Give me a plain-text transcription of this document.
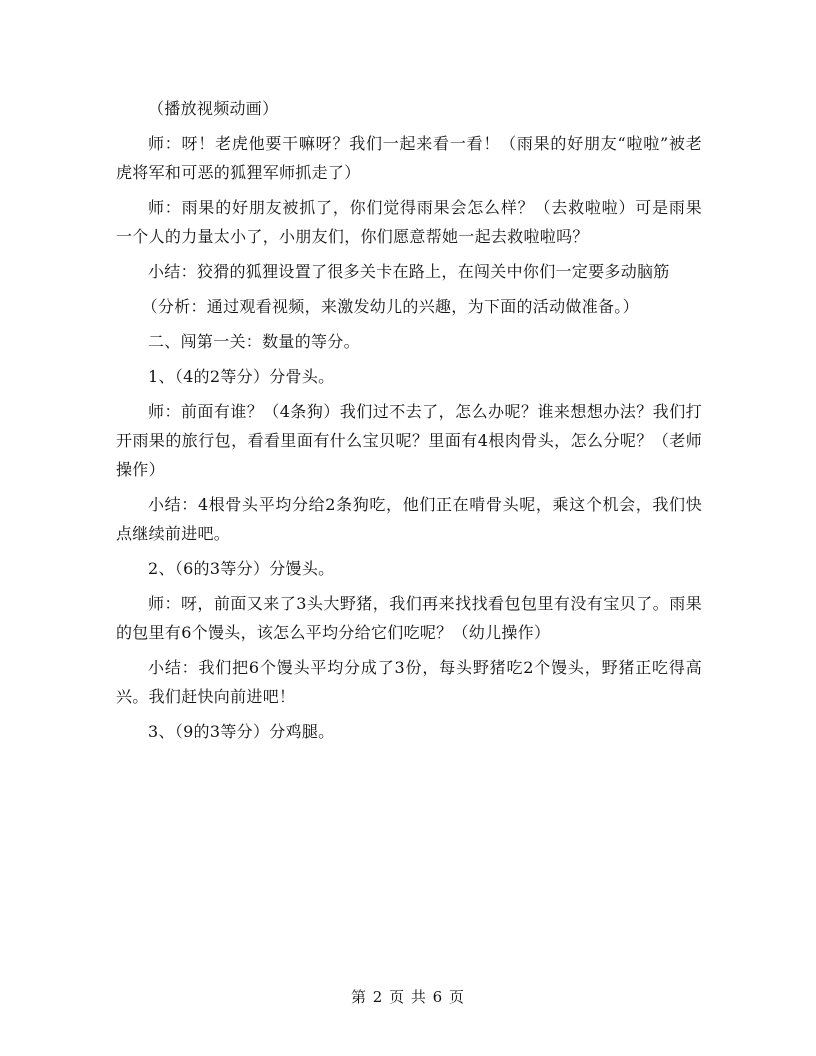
（播放视频动画）

师：呀！老虎他要干嘛呀？我们一起来看一看！（雨果的好朋友“啦啦”被老虎将军和可恶的狐狸军师抓走了）

师：雨果的好朋友被抓了，你们觉得雨果会怎么样？（去救啦啦）可是雨果一个人的力量太小了，小朋友们，你们愿意帮她一起去救啦啦吗？

小结：狡猾的狐狸设置了很多关卡在路上，在闯关中你们一定要多动脑筋

（分析：通过观看视频，来激发幼儿的兴趣，为下面的活动做准备。）

二、闯第一关：数量的等分。

1、（4的2等分）分骨头。

师：前面有谁？（4条狗）我们过不去了，怎么办呢？谁来想想办法？我们打开雨果的旅行包，看看里面有什么宝贝呢？里面有4根肉骨头，怎么分呢？（老师操作）

小结：4根骨头平均分给2条狗吃，他们正在啃骨头呢，乘这个机会，我们快点继续前进吧。

2、（6的3等分）分馒头。

师：呀，前面又来了3头大野猪，我们再来找找看包包里有没有宝贝了。雨果的包里有6个馒头，该怎么平均分给它们吃呢？（幼儿操作）

小结：我们把6个馒头平均分成了3份，每头野猪吃2个馒头，野猪正吃得高兴。我们赶快向前进吧！

3、（9的3等分）分鸡腿。

第 2 页 共 6 页
